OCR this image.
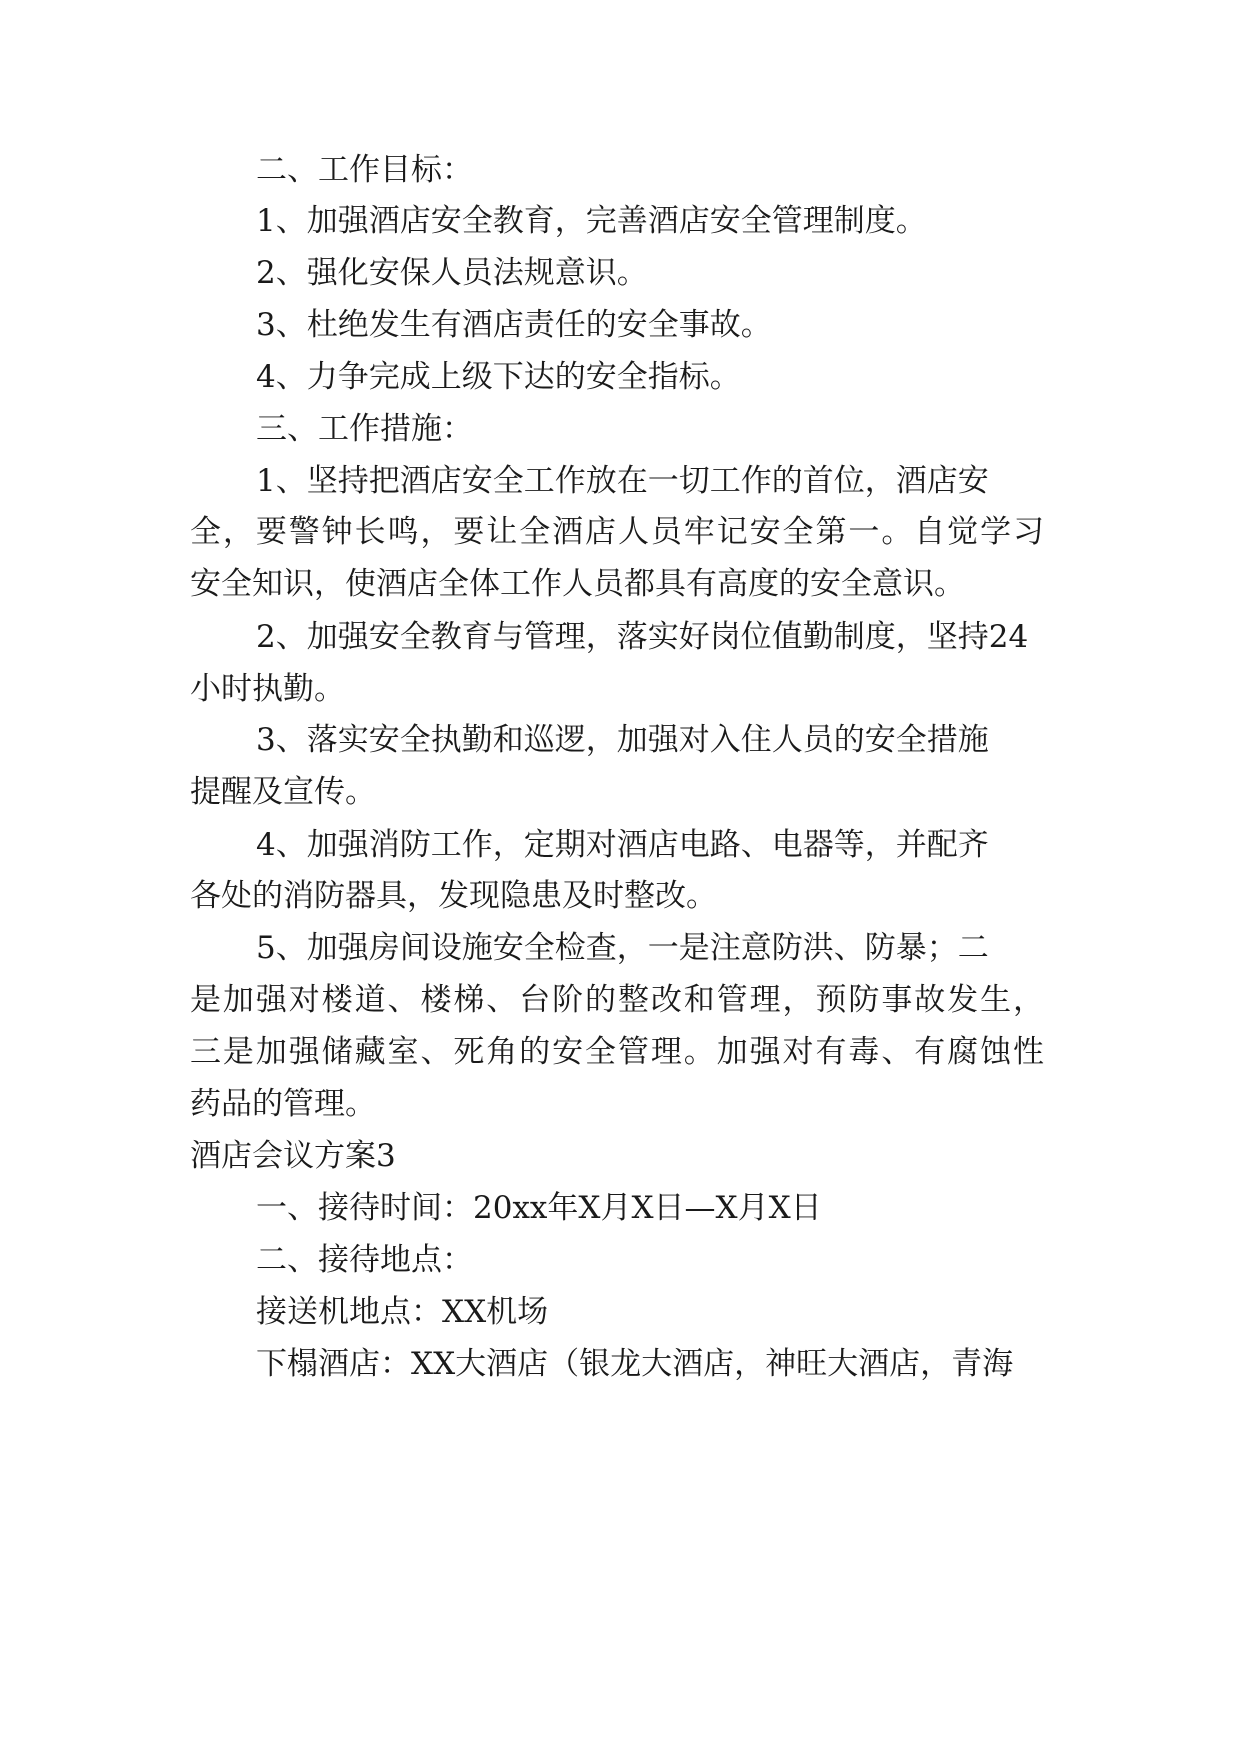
二、工作目标：

1、加强酒店安全教育，完善酒店安全管理制度。

2、强化安保人员法规意识。

3、杜绝发生有酒店责任的安全事故。

4、力争完成上级下达的安全指标。

三、工作措施：

1、坚持把酒店安全工作放在一切工作的首位，酒店安

全，要警钟长鸣，要让全酒店人员牢记安全第一。自觉学习

安全知识，使酒店全体工作人员都具有高度的安全意识。

2、加强安全教育与管理，落实好岗位值勤制度，坚持24

小时执勤。

3、落实安全执勤和巡逻，加强对入住人员的安全措施

提醒及宣传。

4、加强消防工作，定期对酒店电路、电器等，并配齐

各处的消防器具，发现隐患及时整改。

5、加强房间设施安全检查，一是注意防洪、防暴；二

是加强对楼道、楼梯、台阶的整改和管理，预防事故发生，

三是加强储藏室、死角的安全管理。加强对有毒、有腐蚀性

药品的管理。

酒店会议方案3

一、接待时间：20xx年X月X日—X月X日

二、接待地点：

接送机地点：XX机场

下榻酒店：XX大酒店（银龙大酒店，神旺大酒店，青海
